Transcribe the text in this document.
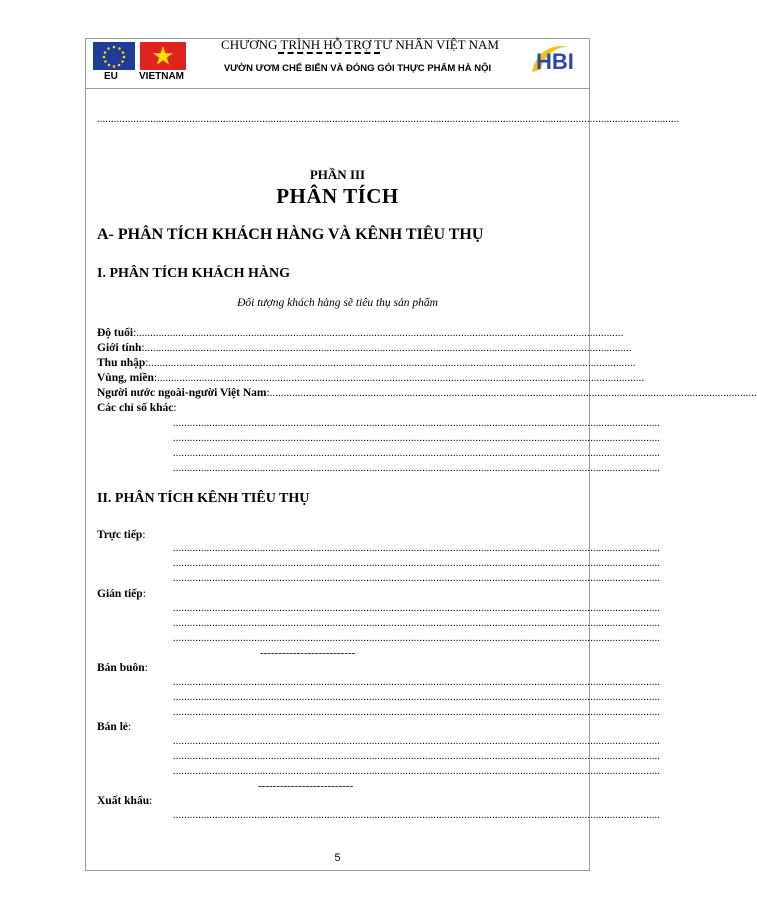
EU VIETNAM
CHƯƠNG TRÌNH HỖ TRỢ TƯ NHÂN VIỆT NAM
VƯỜN ƯƠM CHẾ BIẾN VÀ ĐÓNG GÓI THỰC PHẨM HÀ NỘI	HBI
................................................................................................................................................................................................................
PHẦN III
PHÂN TÍCH
A- PHÂN TÍCH KHÁCH HÀNG VÀ KÊNH TIÊU THỤ
I. PHÂN TÍCH KHÁCH HÀNG
Đối tượng khách hàng sẽ tiêu thụ sản phẩm
Độ tuổi:..............................................................................................................................................................................
Giới tính:..............................................................................................................................................................................
Thu nhập:..............................................................................................................................................................................
Vùng, miền:..............................................................................................................................................................................
Người nước ngoài-người Việt Nam:..............................................................................................................................................................................
Các chỉ số khác:
..............................................................................................................................................................................
..............................................................................................................................................................................
..............................................................................................................................................................................
..............................................................................................................................................................................
II. PHÂN TÍCH KÊNH TIÊU THỤ
Trực tiếp:
..............................................................................................................................................................................
..............................................................................................................................................................................
..............................................................................................................................................................................
Gián tiếp:
..............................................................................................................................................................................
..............................................................................................................................................................................
..............................................................................................................................................................................
--------------------------
Bán buôn:
..............................................................................................................................................................................
..............................................................................................................................................................................
..............................................................................................................................................................................
Bán lẻ:
..............................................................................................................................................................................
..............................................................................................................................................................................
..............................................................................................................................................................................
--------------------------
Xuất khẩu:
..............................................................................................................................................................................
5
